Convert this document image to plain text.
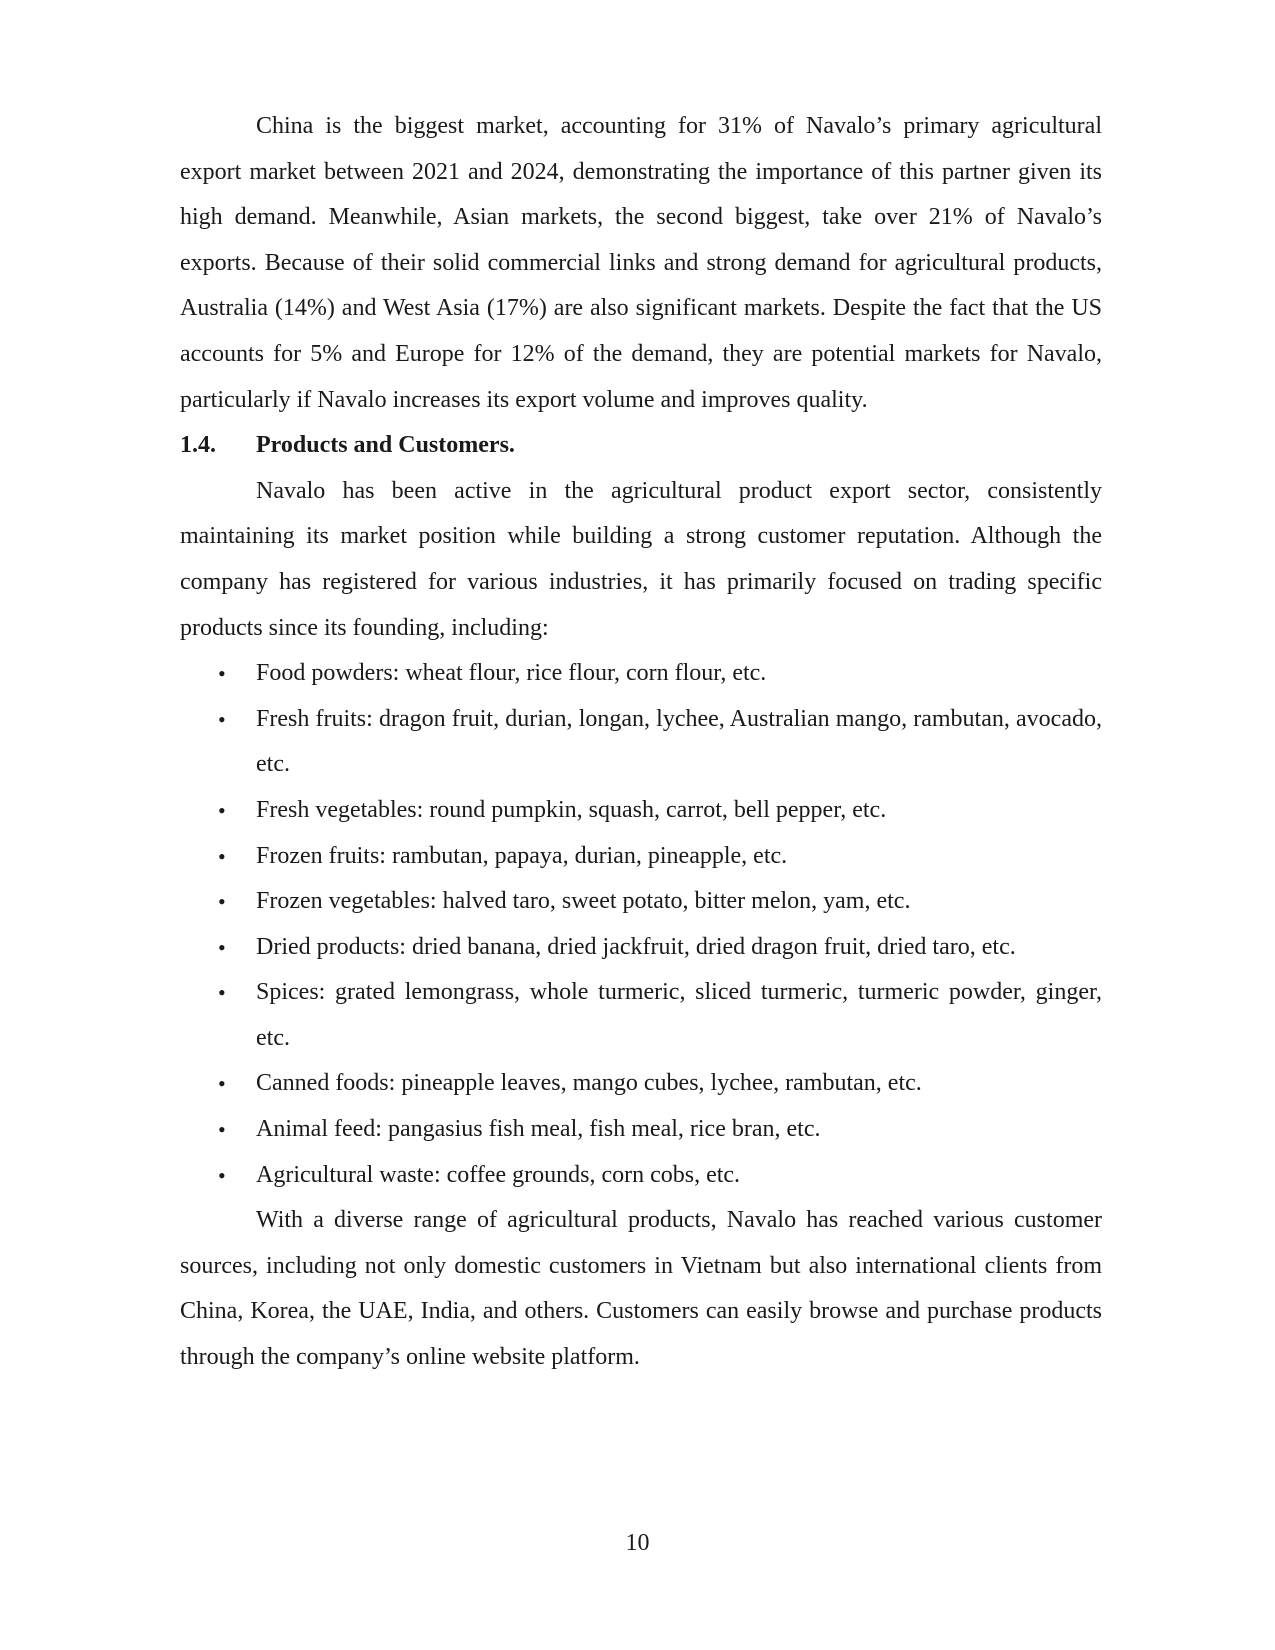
China is the biggest market, accounting for 31% of Navalo’s primary agricultural export market between 2021 and 2024, demonstrating the importance of this partner given its high demand. Meanwhile, Asian markets, the second biggest, take over 21% of Navalo’s exports. Because of their solid commercial links and strong demand for agricultural products, Australia (14%) and West Asia (17%) are also significant markets. Despite the fact that the US accounts for 5% and Europe for 12% of the demand, they are potential markets for Navalo, particularly if Navalo increases its export volume and improves quality.

1.4.	Products and Customers.

Navalo has been active in the agricultural product export sector, consistently maintaining its market position while building a strong customer reputation. Although the company has registered for various industries, it has primarily focused on trading specific products since its founding, including:

• Food powders: wheat flour, rice flour, corn flour, etc.
• Fresh fruits: dragon fruit, durian, longan, lychee, Australian mango, rambutan, avocado, etc.
• Fresh vegetables: round pumpkin, squash, carrot, bell pepper, etc.
• Frozen fruits: rambutan, papaya, durian, pineapple, etc.
• Frozen vegetables: halved taro, sweet potato, bitter melon, yam, etc.
• Dried products: dried banana, dried jackfruit, dried dragon fruit, dried taro, etc.
• Spices: grated lemongrass, whole turmeric, sliced turmeric, turmeric powder, ginger, etc.
• Canned foods: pineapple leaves, mango cubes, lychee, rambutan, etc.
• Animal feed: pangasius fish meal, fish meal, rice bran, etc.
• Agricultural waste: coffee grounds, corn cobs, etc.

With a diverse range of agricultural products, Navalo has reached various customer sources, including not only domestic customers in Vietnam but also international clients from China, Korea, the UAE, India, and others. Customers can easily browse and purchase products through the company’s online website platform.

10
